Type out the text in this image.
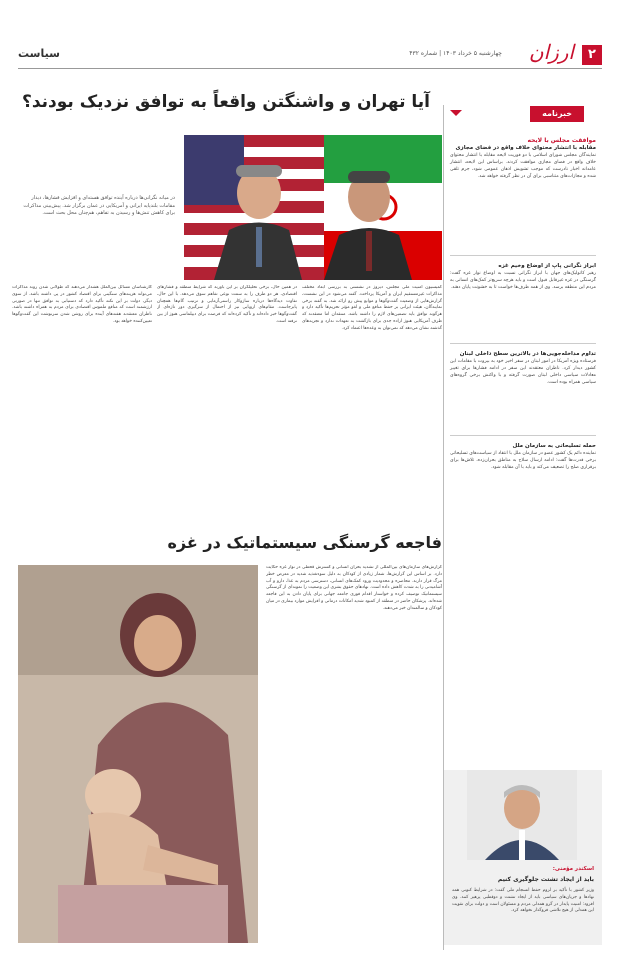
۲
ارزان
چهارشنبه ۵ خرداد ۱۴۰۳ | شماره ۴۳۲
سیاست
آیا تهران و واشنگتن واقعاً به توافق نزدیک بودند؟
در میانه نگرانی‌ها درباره آینده توافق هسته‌ای و افزایش فشارها، دیدار مقامات بلندپایه ایرانی و آمریکایی در عمان برگزار شد. پیش‌بینی مذاکرات برای کاهش تنش‌ها و رسیدن به تفاهم، هم‌چنان محل بحث است.
کمیسیون امنیت ملی مجلس، دیروز در نشستی به بررسی ابعاد مختلف مذاکرات غیرمستقیم ایران و آمریکا پرداخت. گفته می‌شود در این نشست، گزارش‌هایی از وضعیت گفت‌وگوها و موانع پیش رو ارائه شد. به گفته برخی نمایندگان، هیئت ایرانی بر حفظ منافع ملی و لغو مؤثر تحریم‌ها تأکید دارد و هرگونه توافق باید تضمین‌های لازم را داشته باشد. منتقدان اما معتقدند که طرف آمریکایی هنوز اراده جدی برای بازگشت به تعهدات ندارد و تجربه‌های گذشته نشان می‌دهد که نمی‌توان به وعده‌ها اعتماد کرد.
در همین حال، برخی تحلیلگران بر این باورند که شرایط منطقه و فشارهای اقتصادی، هر دو طرف را به سمت نوعی تفاهم سوق می‌دهد. با این حال، تفاوت دیدگاه‌ها درباره سازوکار راستی‌آزمایی و ترتیب گام‌ها همچنان پابرجاست. مقام‌های اروپایی نیز از احتمال از سرگیری دور تازه‌ای از گفت‌وگوها خبر داده‌اند و تأکید کرده‌اند که فرصت برای دیپلماسی هنوز از بین نرفته است.
کارشناسان مسائل بین‌الملل هشدار می‌دهند که طولانی شدن روند مذاکرات می‌تواند هزینه‌های سنگینی برای اقتصاد کشور در پی داشته باشد. از سوی دیگر، دولت بر این نکته تأکید دارد که دستیابی به توافق تنها در صورتی ارزشمند است که منافع ملموس اقتصادی برای مردم به همراه داشته باشد. ناظران معتقدند هفته‌های آینده برای روشن شدن سرنوشت این گفت‌وگوها تعیین‌کننده خواهد بود.
فاجعه گرسنگی سیستماتیک در غزه
گزارش‌های سازمان‌های بین‌المللی از تشدید بحران انسانی و گسترش قحطی در نوار غزه حکایت دارد. بر اساس این گزارش‌ها، شمار زیادی از کودکان به دلیل سوءتغذیه شدید در معرض خطر مرگ قرار دارند. محاصره و محدودیت ورود کمک‌های انسانی، دسترسی مردم به غذا، دارو و آب آشامیدنی را به شدت کاهش داده است. نهادهای حقوق بشری این وضعیت را نمونه‌ای از گرسنگی سیستماتیک توصیف کرده و خواستار اقدام فوری جامعه جهانی برای پایان دادن به این فاجعه شده‌اند. پزشکان حاضر در منطقه از کمبود شدید امکانات درمانی و افزایش موارد بیماری در میان کودکان و سالمندان خبر می‌دهند.
خبرنامه
موافقت مجلس با لایحه
مقابله با انتشار محتوای خلاف واقع در فضای مجازی
نمایندگان مجلس شورای اسلامی با دو فوریت لایحه مقابله با انتشار محتوای خلاف واقع در فضای مجازی موافقت کردند. براساس این لایحه، انتشار عامدانه اخبار نادرست که موجب تشویش اذهان عمومی شود، جرم تلقی شده و مجازات‌های متناسبی برای آن در نظر گرفته خواهد شد.
ابراز نگرانی پاپ از اوضاع وخیم غزه
رهبر کاتولیک‌های جهان با ابراز نگرانی نسبت به اوضاع نوار غزه گفت: گرسنگی در غزه غیرقابل قبول است و باید هرچه سریع‌تر کمک‌های انسانی به مردم این منطقه برسد. وی از همه طرف‌ها خواست تا به خشونت پایان دهند.
تداوم مداخله‌جویی‌ها در بالاترین سطح داخلی لبنان
فرستاده ویژه آمریکا در امور لبنان در سفر اخیر خود به بیروت با مقامات این کشور دیدار کرد. ناظران معتقدند این سفر در ادامه فشارها برای تغییر معادلات سیاسی داخلی لبنان صورت گرفته و با واکنش برخی گروه‌های سیاسی همراه بوده است.
حمله تسلیحاتی به سازمان ملل
نماینده دائم یک کشور عضو در سازمان ملل با انتقاد از سیاست‌های تسلیحاتی برخی قدرت‌ها گفت: ادامه ارسال سلاح به مناطق بحران‌زده، تلاش‌ها برای برقراری صلح را تضعیف می‌کند و باید با آن مقابله شود.
اسکندر مؤمنی:
باید از ایجاد تشتت جلوگیری کنیم
وزیر کشور با تأکید بر لزوم حفظ انسجام ملی گفت: در شرایط کنونی همه نهادها و جریان‌های سیاسی باید از ایجاد تشتت و دوقطبی پرهیز کنند. وی افزود: امنیت پایدار در گرو همدلی مردم و مسئولان است و دولت برای تقویت این همدلی از هیچ تلاشی فروگذار نخواهد کرد.
